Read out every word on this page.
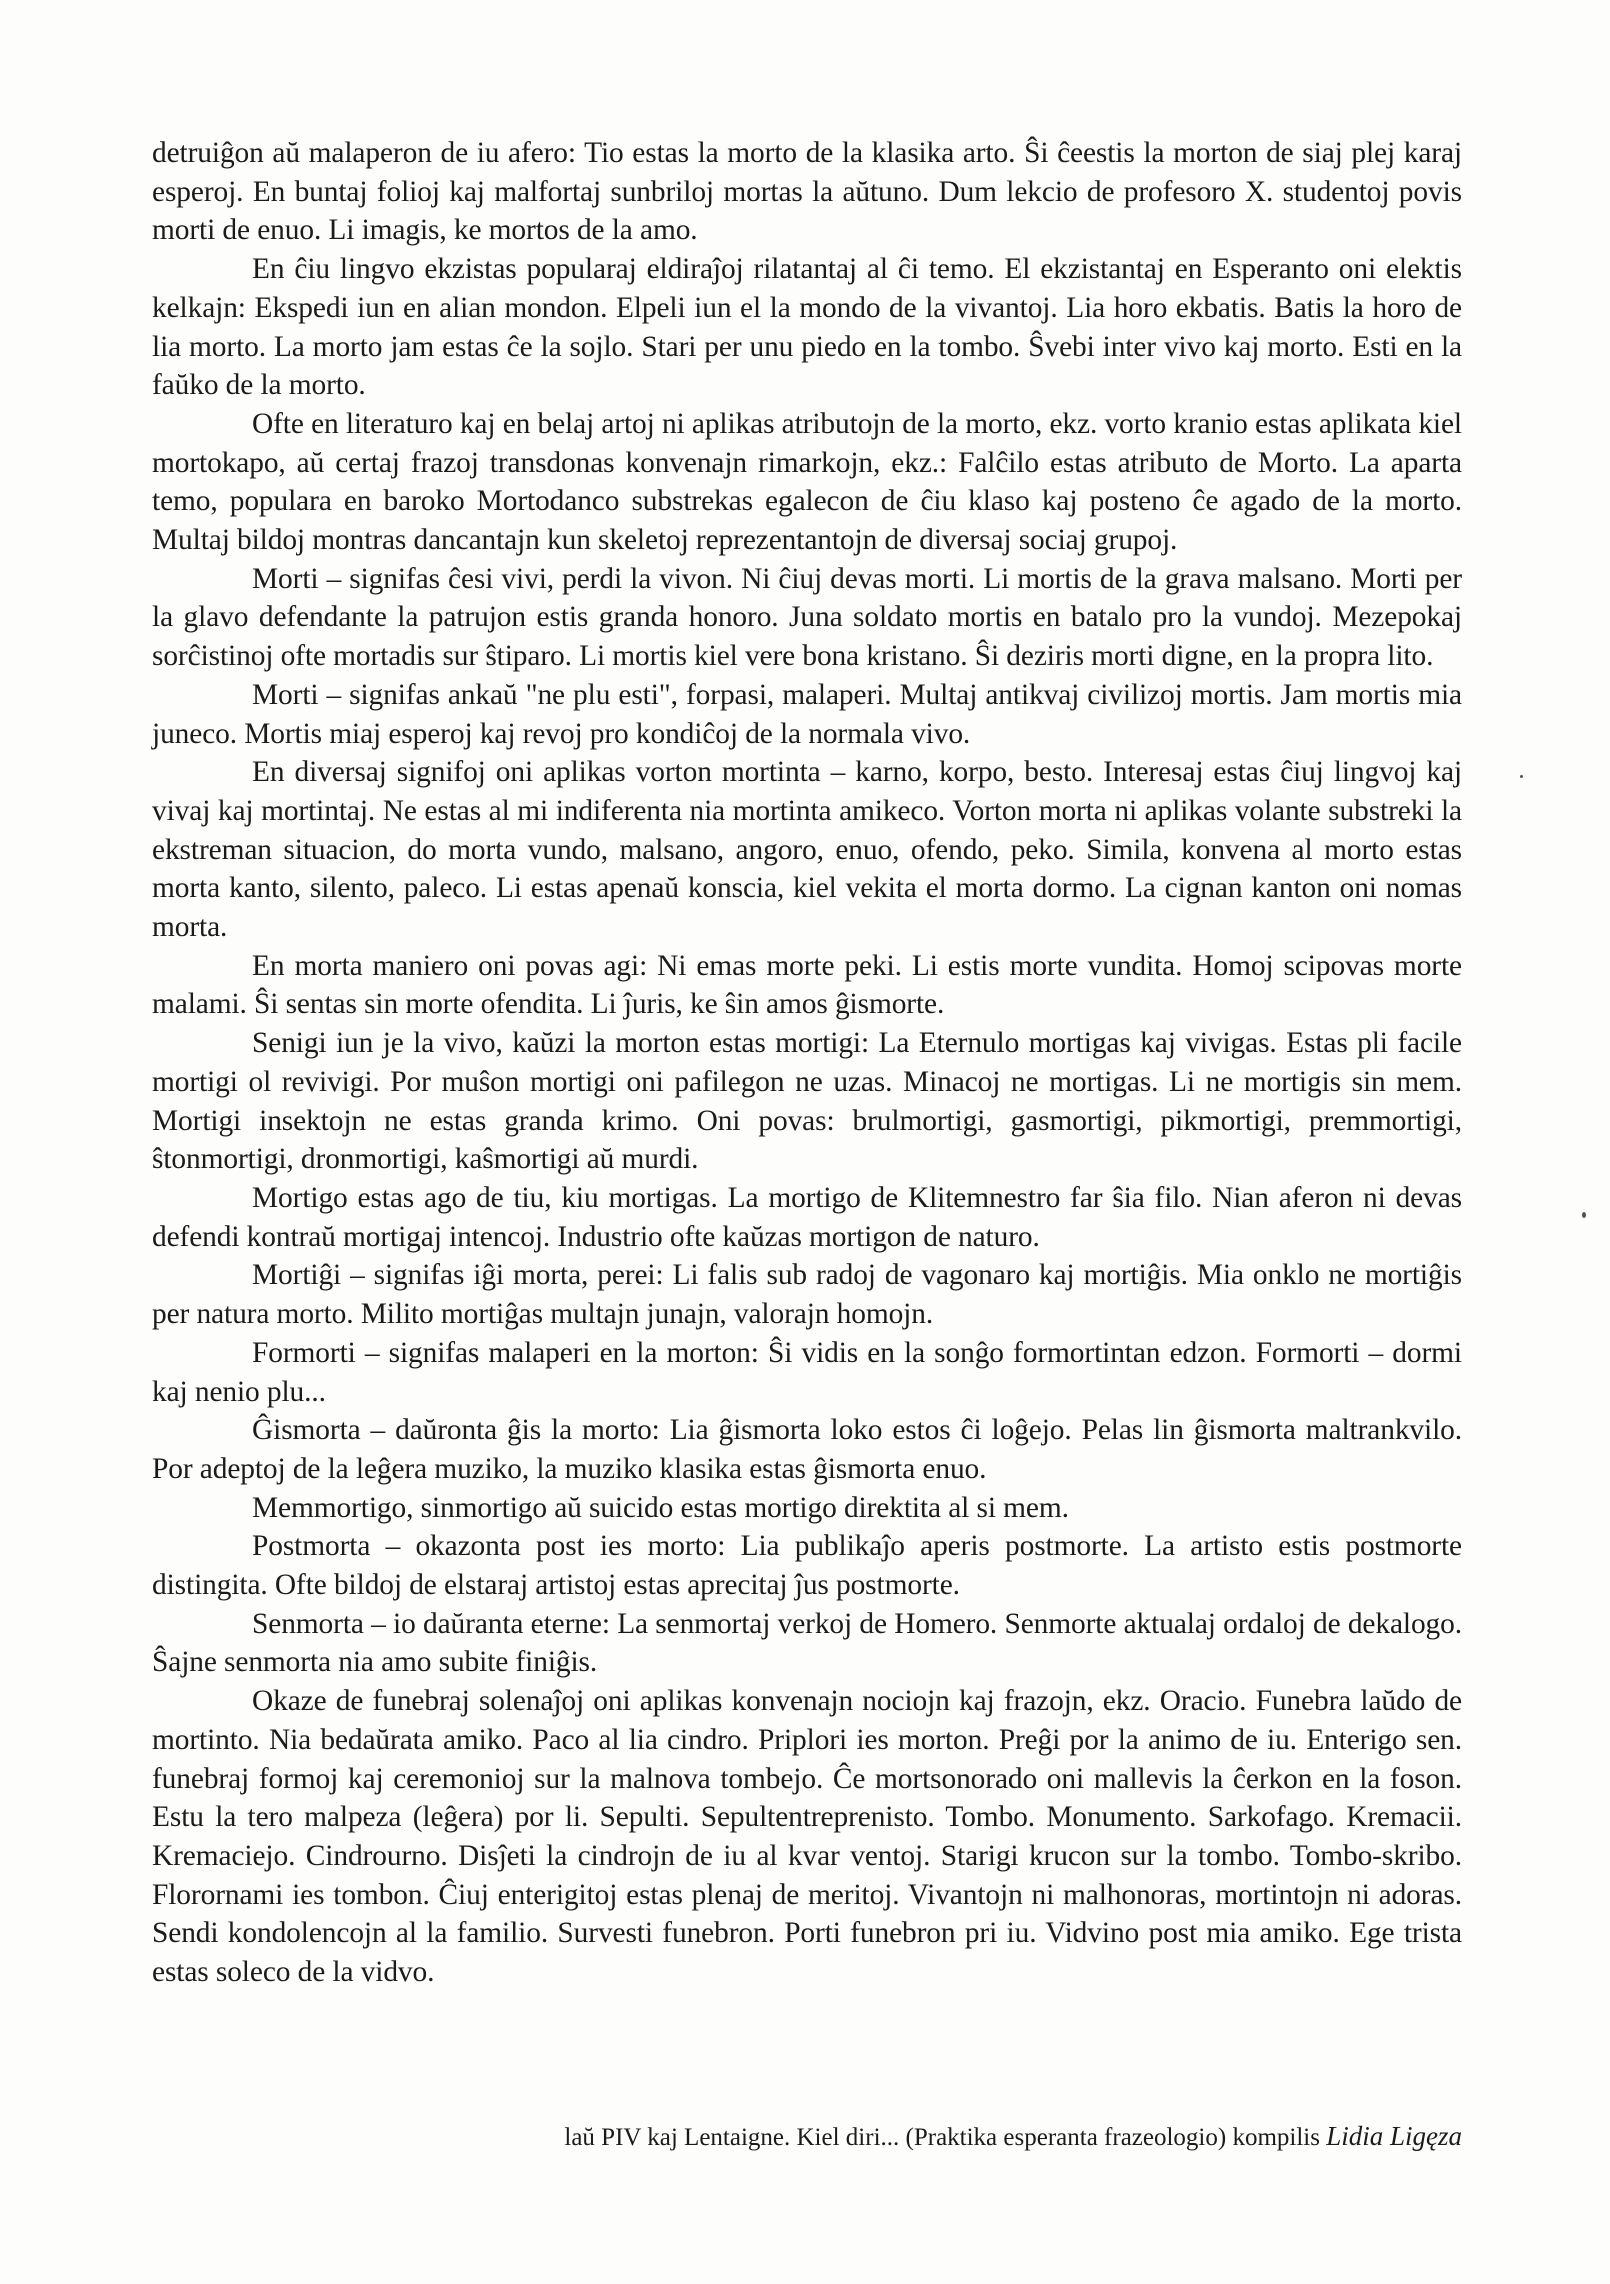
detruiĝon aŭ malaperon de iu afero: Tio estas la morto de la klasika arto. Ŝi ĉeestis la morton de siaj plej karaj esperoj. En buntaj folioj kaj malfortaj sunbriloj mortas la aŭtuno. Dum lekcio de profesoro X. studentoj povis morti de enuo. Li imagis, ke mortos de la amo.

En ĉiu lingvo ekzistas popularaj eldiraĵoj rilatantaj al ĉi temo. El ekzistantaj en Esperanto oni elektis kelkajn: Ekspedi iun en alian mondon. Elpeli iun el la mondo de la vivantoj. Lia horo ekbatis. Batis la horo de lia morto. La morto jam estas ĉe la sojlo. Stari per unu piedo en la tombo. Ŝvebi inter vivo kaj morto. Esti en la faŭko de la morto.

Ofte en literaturo kaj en belaj artoj ni aplikas atributojn de la morto, ekz. vorto kranio estas aplikata kiel mortokapo, aŭ certaj frazoj transdonas konvenajn rimarkojn, ekz.: Falĉilo estas atributo de Morto. La aparta temo, populara en baroko Mortodanco substrekas egalecon de ĉiu klaso kaj posteno ĉe agado de la morto. Multaj bildoj montras dancantajn kun skeletoj reprezentantojn de diversaj sociaj grupoj.

Morti – signifas ĉesi vivi, perdi la vivon. Ni ĉiuj devas morti. Li mortis de la grava malsano. Morti per la glavo defendante la patrujon estis granda honoro. Juna soldato mortis en batalo pro la vundoj. Mezepokaj sorĉistinoj ofte mortadis sur ŝtiparo. Li mortis kiel vere bona kristano. Ŝi deziris morti digne, en la propra lito.

Morti – signifas ankaŭ "ne plu esti", forpasi, malaperi. Multaj antikvaj civilizoj mortis. Jam mortis mia juneco. Mortis miaj esperoj kaj revoj pro kondiĉoj de la normala vivo.

En diversaj signifoj oni aplikas vorton mortinta – karno, korpo, besto. Interesaj estas ĉiuj lingvoj kaj vivaj kaj mortintaj. Ne estas al mi indiferenta nia mortinta amikeco. Vorton morta ni aplikas volante substreki la ekstreman situacion, do morta vundo, malsano, angoro, enuo, ofendo, peko. Simila, konvena al morto estas morta kanto, silento, paleco. Li estas apenaŭ konscia, kiel vekita el morta dormo. La cignan kanton oni nomas morta.

En morta maniero oni povas agi: Ni emas morte peki. Li estis morte vundita. Homoj scipovas morte malami. Ŝi sentas sin morte ofendita. Li ĵuris, ke ŝin amos ĝismorte.

Senigi iun je la vivo, kaŭzi la morton estas mortigi: La Eternulo mortigas kaj vivigas. Estas pli facile mortigi ol revivigi. Por muŝon mortigi oni pafilegon ne uzas. Minacoj ne mortigas. Li ne mortigis sin mem. Mortigi insektojn ne estas granda krimo. Oni povas: brulmortigi, gasmortigi, pikmortigi, premmortigi, ŝtonmortigi, dronmortigi, kaŝmortigi aŭ murdi.

Mortigo estas ago de tiu, kiu mortigas. La mortigo de Klitemnestro far ŝia filo. Nian aferon ni devas defendi kontraŭ mortigaj intencoj. Industrio ofte kaŭzas mortigon de naturo.

Mortiĝi – signifas iĝi morta, perei: Li falis sub radoj de vagonaro kaj mortiĝis. Mia onklo ne mortiĝis per natura morto. Milito mortiĝas multajn junajn, valorajn homojn.

Formorti – signifas malaperi en la morton: Ŝi vidis en la sonĝo formortintan edzon. Formorti – dormi kaj nenio plu...

Ĝismorta – daŭronta ĝis la morto: Lia ĝismorta loko estos ĉi loĝejo. Pelas lin ĝismorta maltrankvilo. Por adeptoj de la leĝera muziko, la muziko klasika estas ĝismorta enuo.

Memmortigo, sinmortigo aŭ suicido estas mortigo direktita al si mem.

Postmorta – okazonta post ies morto: Lia publikaĵo aperis postmorte. La artisto estis postmorte distingita. Ofte bildoj de elstaraj artistoj estas aprecitaj ĵus postmorte.

Senmorta – io daŭranta eterne: La senmortaj verkoj de Homero. Senmorte aktualaj ordaloj de dekalogo. Ŝajne senmorta nia amo subite finiĝis.

Okaze de funebraj solenaĵoj oni aplikas konvenajn nociojn kaj frazojn, ekz. Oracio. Funebra laŭdo de mortinto. Nia bedaŭrata amiko. Paco al lia cindro. Priplori ies morton. Preĝi por la animo de iu. Enterigo sen. funebraj formoj kaj ceremonioj sur la malnova tombejo. Ĉe mortsonorado oni mallevis la ĉerkon en la foson. Estu la tero malpeza (leĝera) por li. Sepulti. Sepultentreprenisto. Tombo. Monumento. Sarkofago. Kremacii. Kremaciejo. Cindrourno. Disĵeti la cindrojn de iu al kvar ventoj. Starigi krucon sur la tombo. Tombo-skribo. Florornami ies tombon. Ĉiuj enterigitoj estas plenaj de meritoj. Vivantojn ni malhonoras, mortintojn ni adoras. Sendi kondolencojn al la familio. Survesti funebron. Porti funebron pri iu. Vidvino post mia amiko. Ege trista estas soleco de la vidvo.

laŭ PIV kaj Lentaigne. Kiel diri... (Praktika esperanta frazeologio) kompilis Lidia Ligęza
